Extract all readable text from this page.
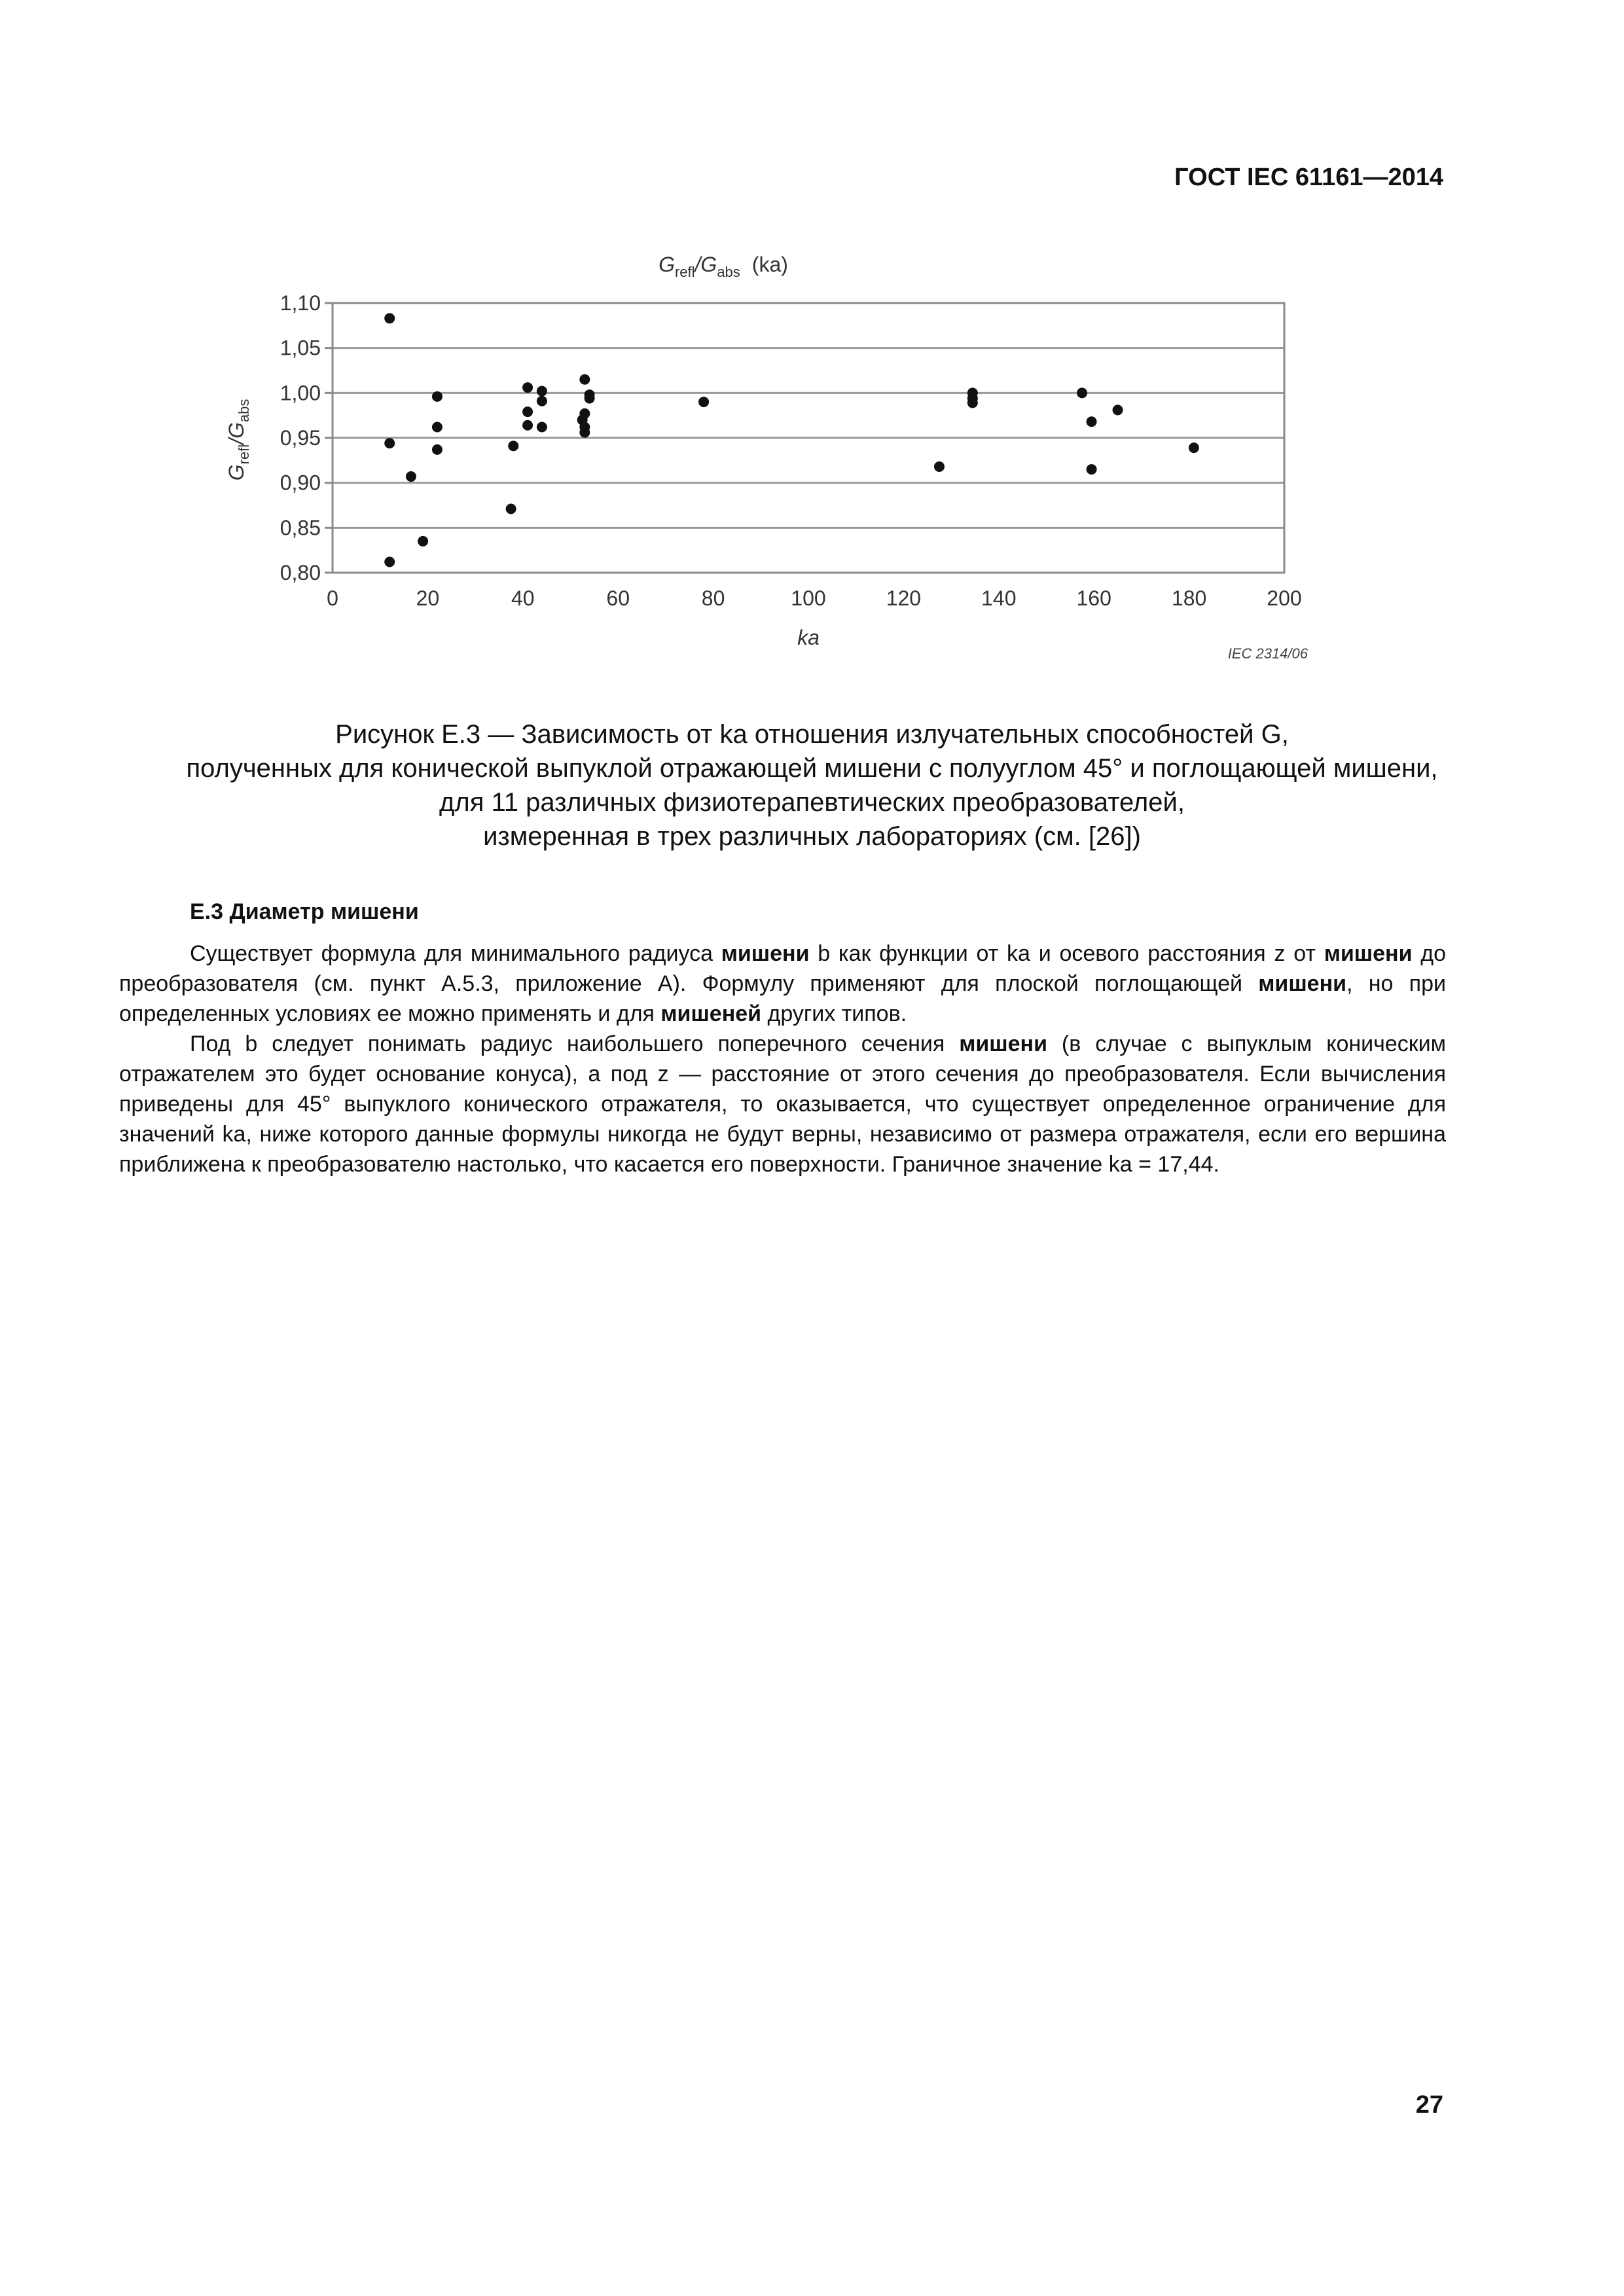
ГОСТ IEC 61161—2014
$G_{refl}/G_{abs}$ (ka)
$G_{refl}/G_{abs}$
0,80
0,85
0,90
0,95
1,00
1,05
1,10
0	20	40	60	80	100	120	140	160	180	200
ka
IEC 2314/06
Рисунок Е.3 — Зависимость от ka отношения излучательных способностей G,
полученных для конической выпуклой отражающей мишени с полууглом 45° и поглощающей мишени,
для 11 различных физиотерапевтических преобразователей,
измеренная в трех различных лабораториях (см. [26])
Е.3 Диаметр мишени

Существует формула для минимального радиуса мишени b как функции от ka и осевого расстояния z от мишени до преобразователя (см. пункт А.5.3, приложение А). Формулу применяют для плоской поглощающей мишени, но при определенных условиях ее можно применять и для мишеней других типов.

Под b следует понимать радиус наибольшего поперечного сечения мишени (в случае с выпуклым коническим отражателем это будет основание конуса), а под z — расстояние от этого сечения до преобразователя. Если вычисления приведены для 45° выпуклого конического отражателя, то оказывается, что существует определенное ограничение для значений ka, ниже которого данные формулы никогда не будут верны, независимо от размера отражателя, если его вершина приближена к преобразователю настолько, что касается его поверхности. Граничное значение ka = 17,44.

27
